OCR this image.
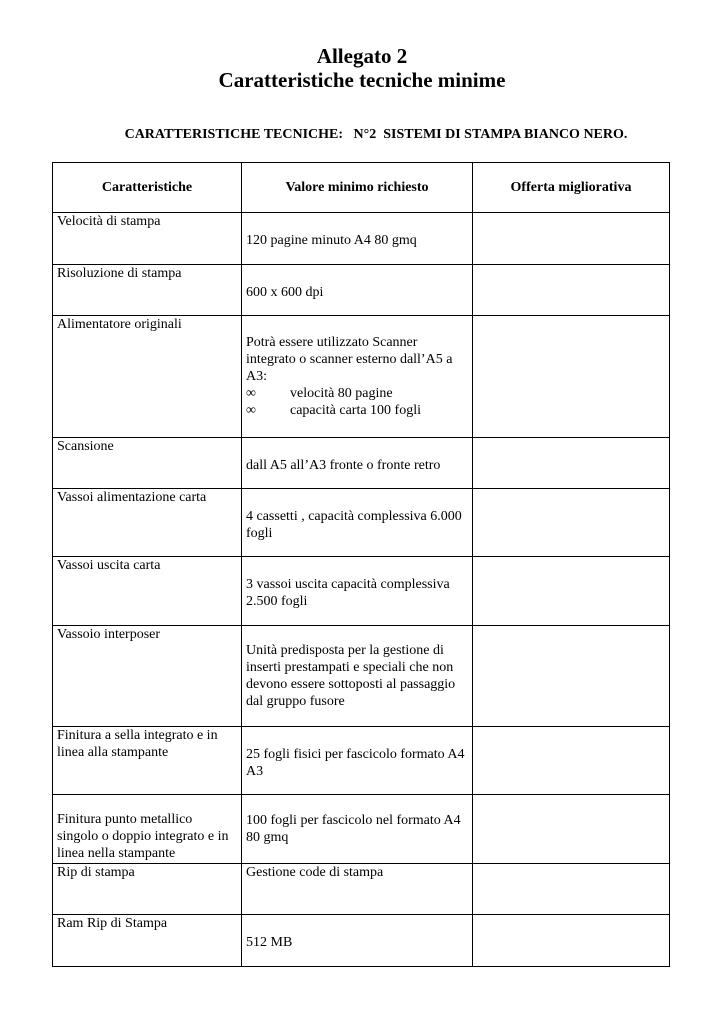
Allegato 2
Caratteristiche tecniche minime
CARATTERISTICHE TECNICHE:   N°2  SISTEMI DI STAMPA BIANCO NERO.
Caratteristiche	Valore minimo richiesto	Offerta migliorativa
Velocità di stampa	120 pagine minuto A4 80 gmq	
Risoluzione di stampa	600 x 600 dpi	
Alimentatore originali	Potrà essere utilizzato Scanner integrato o scanner esterno dall’A5 a A3:
∞ velocità 80 pagine
∞ capacità carta 100 fogli	

Scansione	dall A5 all’A3 fronte o fronte retro	
Vassoi alimentazione carta	4 cassetti , capacità complessiva 6.000 fogli	
Vassoi uscita carta	3 vassoi uscita capacità complessiva 2.500 fogli	
Vassoio interposer	Unità predisposta per la gestione di inserti prestampati e speciali che non devono essere sottoposti al passaggio dal gruppo fusore	
Finitura a sella integrato e in linea alla stampante	25 fogli fisici per fascicolo formato A4 A3	
Finitura punto metallico singolo o doppio integrato e in linea nella stampante	100 fogli per fascicolo nel formato A4 80 gmq	
Rip di stampa	Gestione code di stampa	
Ram Rip di Stampa	512 MB	
